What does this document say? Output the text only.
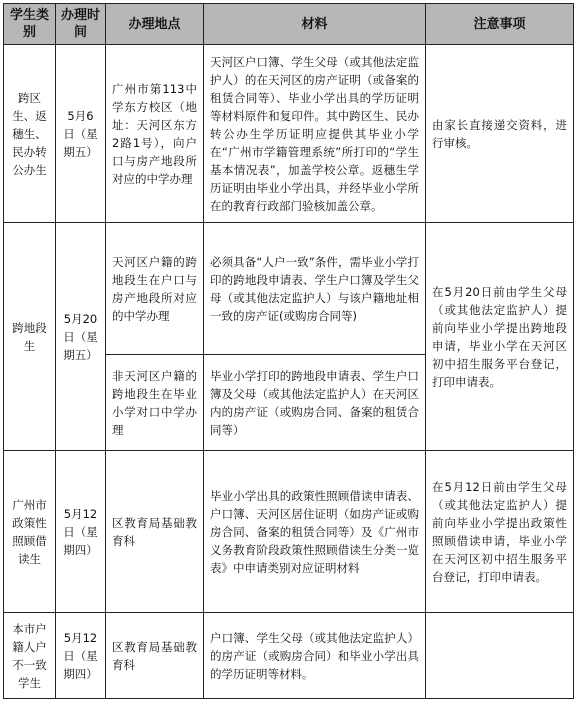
学生类别	办理时间	办理地点	材料	注意事项
跨区生、返穗生、民办转公办生	5月6日（星期五）	广州市第113中学东方校区（地址：天河区东方2路1号），向户口与房产地段所对应的中学办理	天河区户口簿、学生父母（或其他法定监护人）的在天河区的房产证明（或备案的租赁合同等）、毕业小学出具的学历证明等材料原件和复印件。其中跨区生、民办转公办生学历证明应提供其毕业小学在“广州市学籍管理系统”所打印的“学生基本情况表”，加盖学校公章。返穗生学历证明由毕业小学出具，并经毕业小学所在的教育行政部门验核加盖公章。	由家长直接递交资料，进行审核。
跨地段生	5月20日（星期五）	天河区户籍的跨地段生在户口与房产地段所对应的中学办理	必须具备“人户一致”条件，需毕业小学打印的跨地段申请表、学生户口簿及学生父母（或其他法定监护人）与该户籍地址相一致的房产证(或购房合同等)	在5月20日前由学生父母（或其他法定监护人）提前向毕业小学提出跨地段申请，毕业小学在天河区初中招生服务平台登记，打印申请表。
		非天河区户籍的跨地段生在毕业小学对口中学办理	毕业小学打印的跨地段申请表、学生户口簿及父母（或其他法定监护人）在天河区内的房产证（或购房合同、备案的租赁合同等）	
广州市政策性照顾借读生	5月12日（星期四）	区教育局基础教育科	毕业小学出具的政策性照顾借读申请表、户口簿、天河区居住证明（如房产证或购房合同、备案的租赁合同等）及《广州市义务教育阶段政策性照顾借读生分类一览表》中申请类别对应证明材料	在5月12日前由学生父母（或其他法定监护人）提前向毕业小学提出政策性照顾借读申请，毕业小学在天河区初中招生服务平台登记，打印申请表。
本市户籍人户不一致学生	5月12日（星期四）	区教育局基础教育科	户口簿、学生父母（或其他法定监护人）的房产证（或购房合同）和毕业小学出具的学历证明等材料。	
